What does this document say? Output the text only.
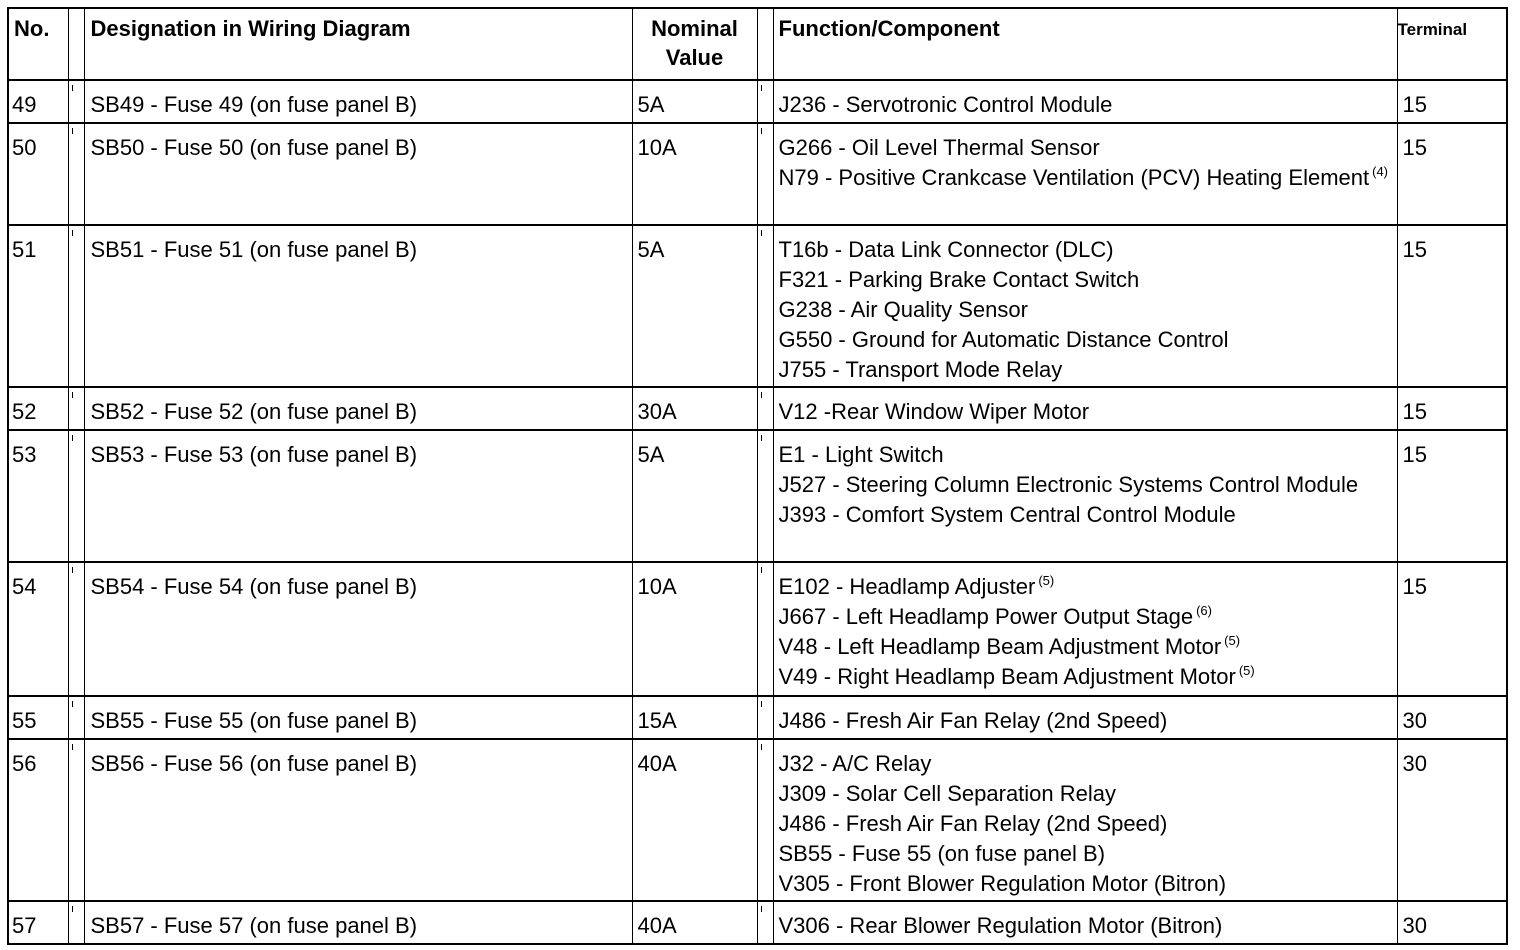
No.		Designation in Wiring Diagram	Nominal Value		Function/Component	Terminal
49		SB49 - Fuse 49 (on fuse panel B)	5A		J236 - Servotronic Control Module	15
50		SB50 - Fuse 50 (on fuse panel B)	10A		G266 - Oil Level Thermal Sensor
N79 - Positive Crankcase Ventilation (PCV) Heating Element $^{(4)}$	15
51		SB51 - Fuse 51 (on fuse panel B)	5A		T16b - Data Link Connector (DLC)
F321 - Parking Brake Contact Switch
G238 - Air Quality Sensor
G550 - Ground for Automatic Distance Control
J755 - Transport Mode Relay	15
52		SB52 - Fuse 52 (on fuse panel B)	30A		V12 -Rear Window Wiper Motor	15
53		SB53 - Fuse 53 (on fuse panel B)	5A		E1 - Light Switch
J527 - Steering Column Electronic Systems Control Module
J393 - Comfort System Central Control Module	15
54		SB54 - Fuse 54 (on fuse panel B)	10A		E102 - Headlamp Adjuster $^{(5)}$
J667 - Left Headlamp Power Output Stage $^{(6)}$
V48 - Left Headlamp Beam Adjustment Motor $^{(5)}$
V49 - Right Headlamp Beam Adjustment Motor $^{(5)}$	15
55		SB55 - Fuse 55 (on fuse panel B)	15A		J486 - Fresh Air Fan Relay (2nd Speed)	30
56		SB56 - Fuse 56 (on fuse panel B)	40A		J32 - A/C Relay
J309 - Solar Cell Separation Relay
J486 - Fresh Air Fan Relay (2nd Speed)
SB55 - Fuse 55 (on fuse panel B)
V305 - Front Blower Regulation Motor (Bitron)	30
57		SB57 - Fuse 57 (on fuse panel B)	40A		V306 - Rear Blower Regulation Motor (Bitron)	30
